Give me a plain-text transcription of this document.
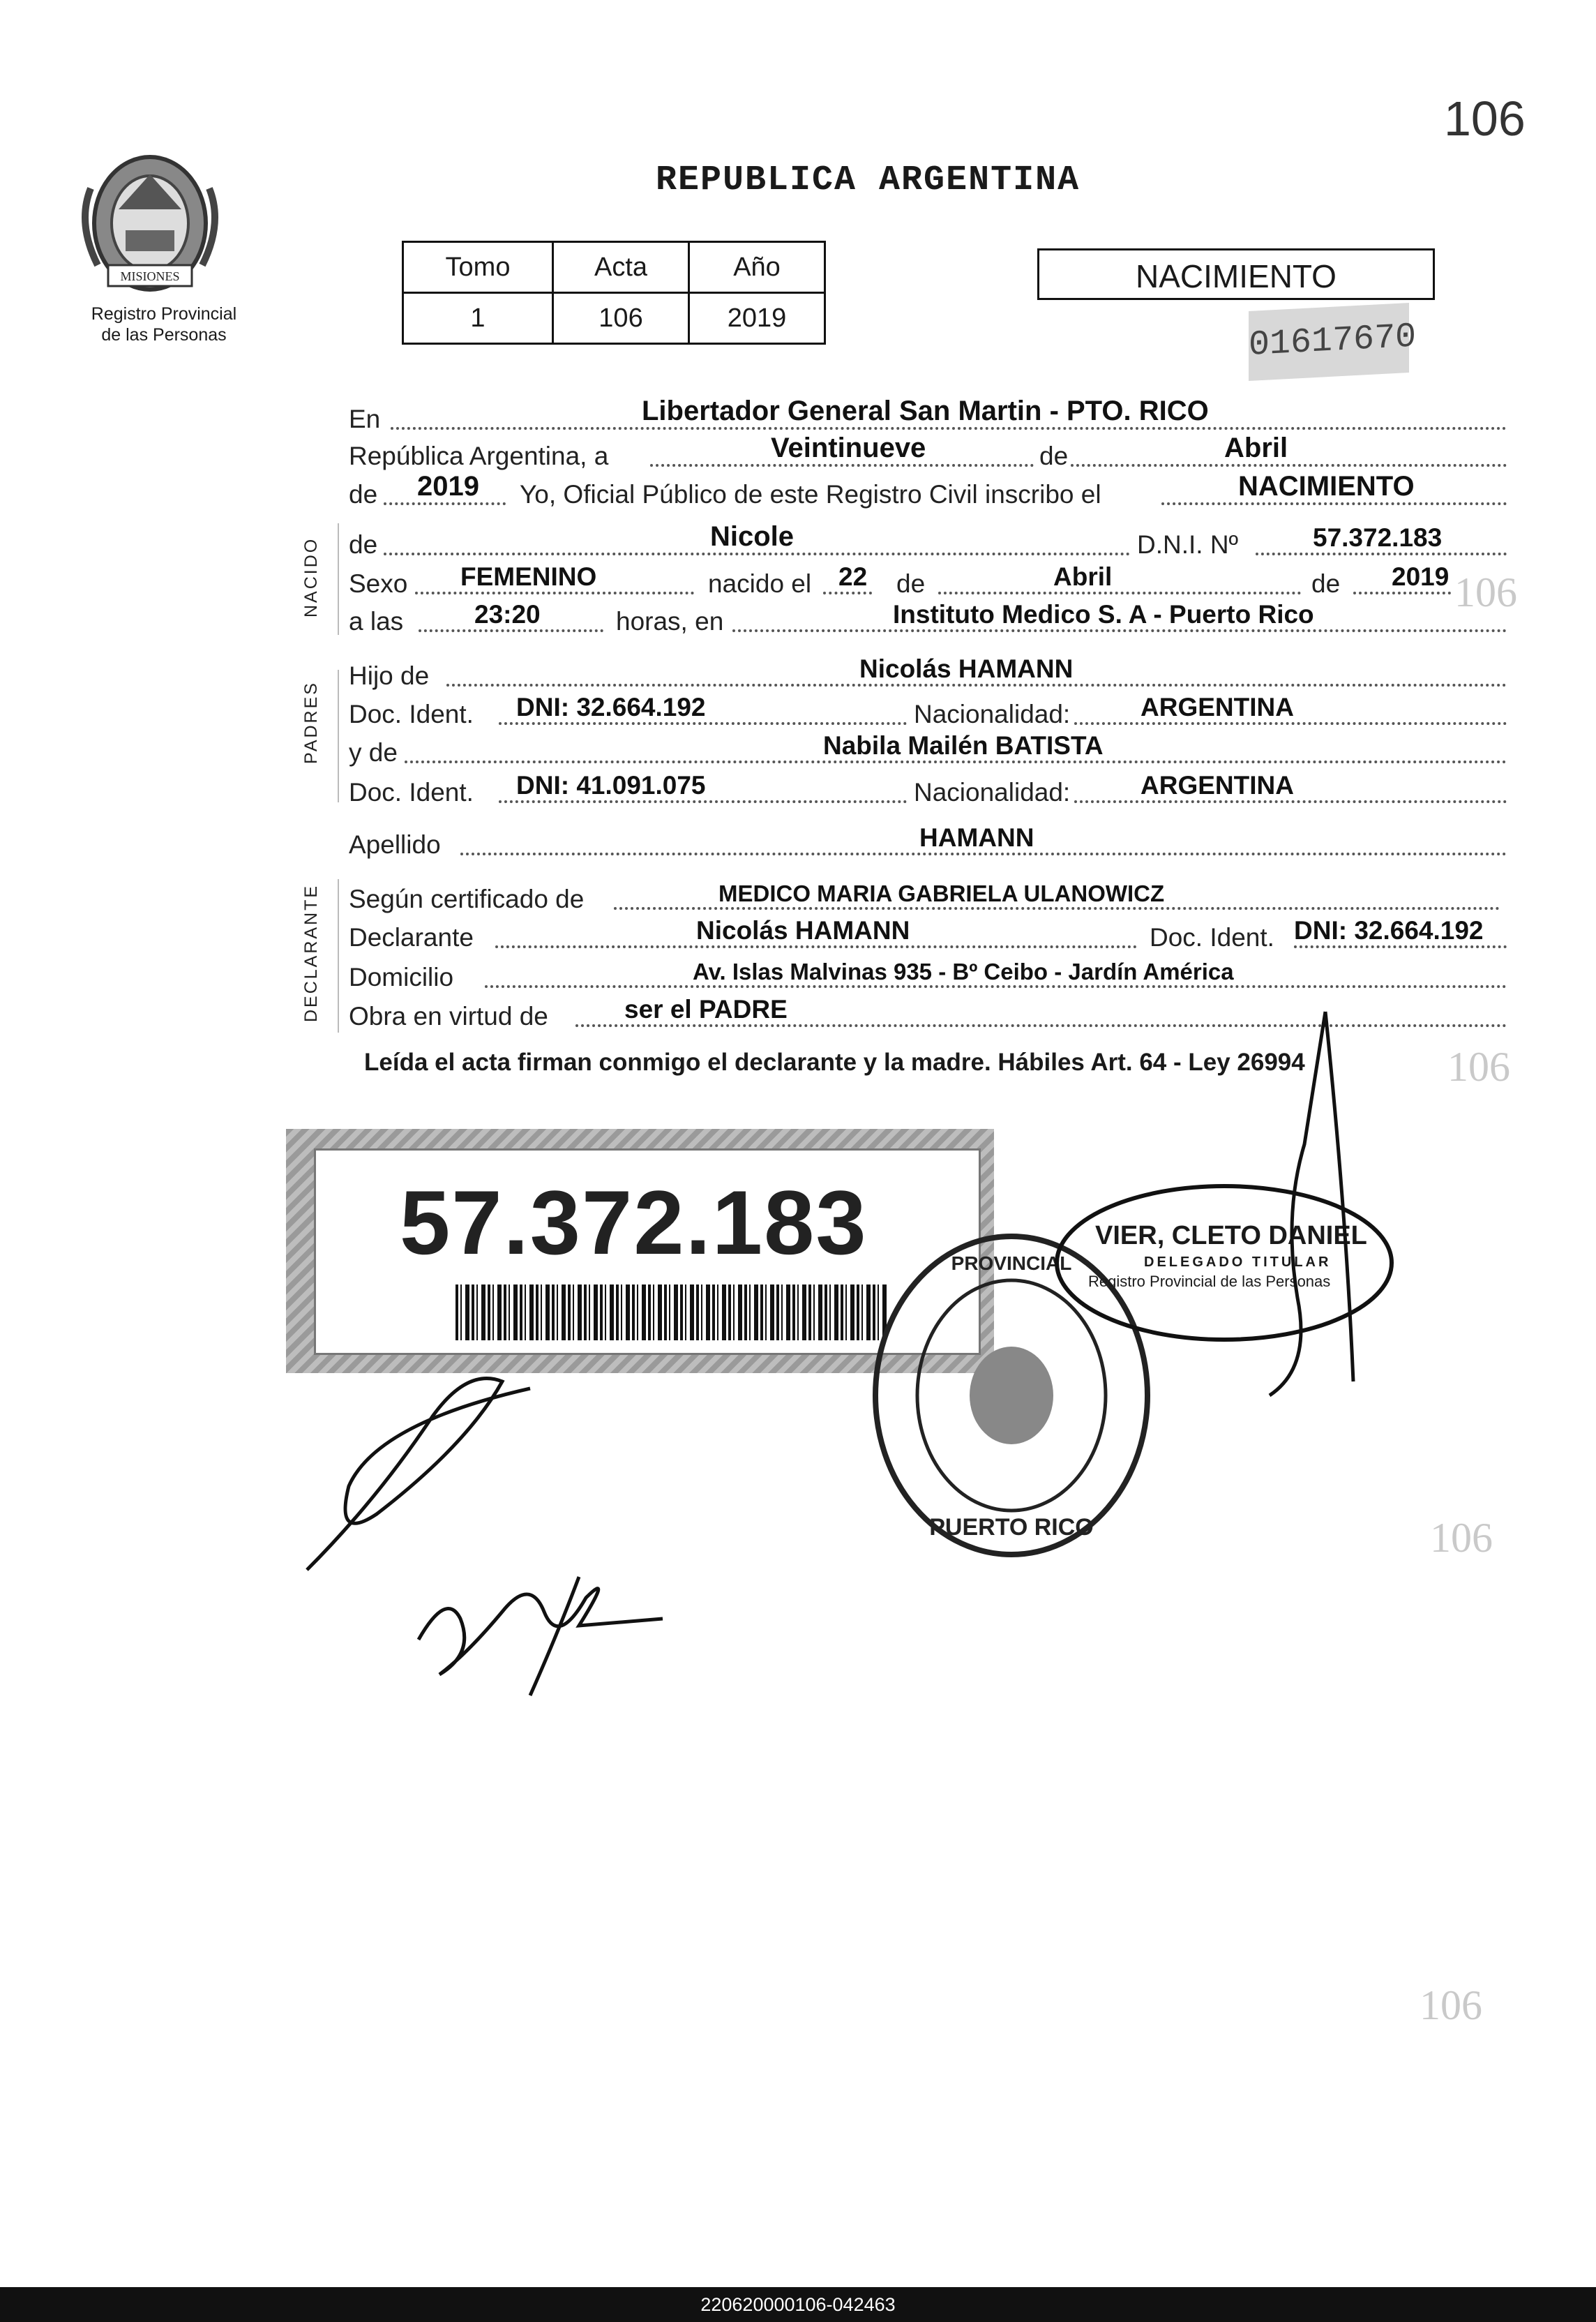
106
MISIONES
Registro Provincial
de las Personas
REPUBLICA ARGENTINA
Tomo	Acta	Año
1	106	2019
NACIMIENTO
01617670
NACIDO
PADRES
DECLARANTE
En	Libertador General San Martin - PTO. RICO
República Argentina, a	Veintinueve	de	Abril
de 2019 Yo, Oficial Público de este Registro Civil inscribo el	NACIMIENTO
de	Nicole	D.N.I. Nº	57.372.183
Sexo FEMENINO	nacido el 22 de	Abril	de 2019
a las	23:20	horas, en	Instituto Medico S. A - Puerto Rico
Hijo de	Nicolás HAMANN
Doc. Ident. DNI: 32.664.192	Nacionalidad:	ARGENTINA
y de	Nabila Mailén BATISTA
Doc. Ident. DNI: 41.091.075	Nacionalidad:	ARGENTINA
Apellido	HAMANN
Según certificado de	MEDICO MARIA GABRIELA ULANOWICZ
Declarante	Nicolás HAMANN	Doc. Ident. DNI: 32.664.192
Domicilio	Av. Islas Malvinas 935 - Bº Ceibo - Jardín América
Obra en virtud de	ser el PADRE
Leída el acta firman conmigo el declarante y la madre. Hábiles Art. 64 - Ley 26994
106
106
106
106
57.372.183	PROVINCIAL
PUERTO RICO
VIER, CLETO DANIEL
DELEGADO TITULAR
Registro Provincial de las Personas
220620000106-042463
